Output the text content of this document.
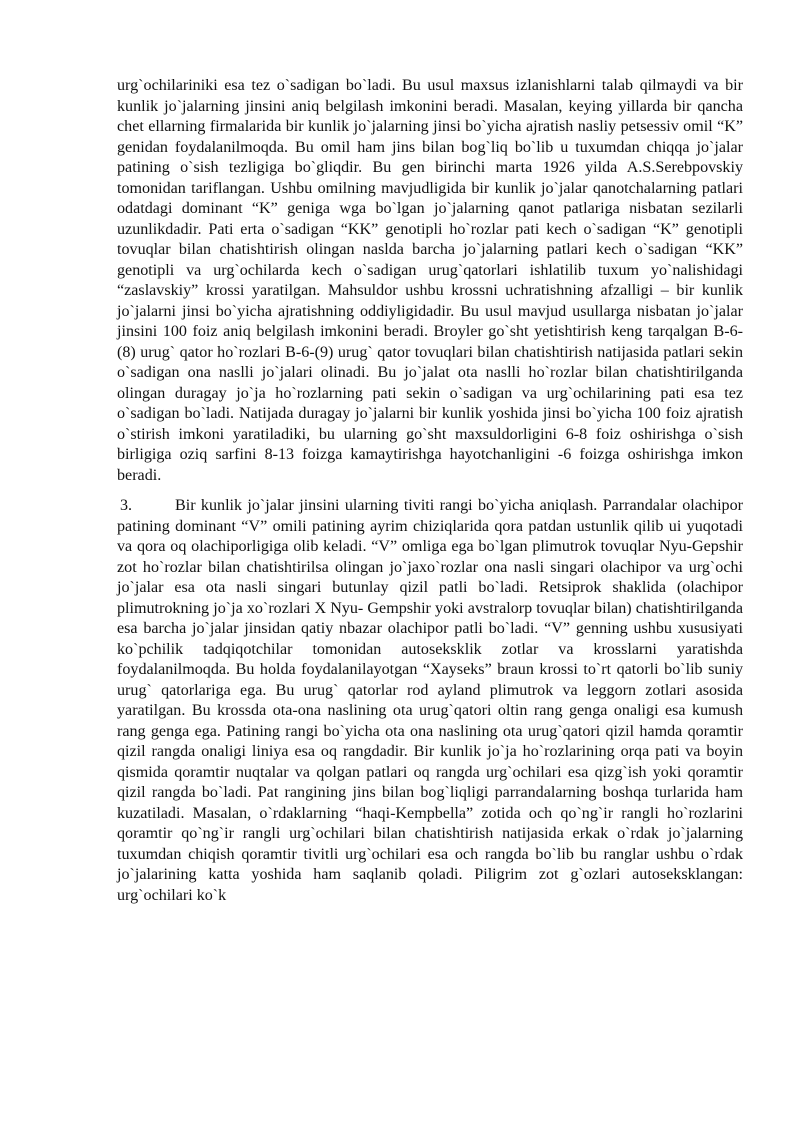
urg`ochilariniki esa tez o`sadigan bo`ladi. Bu usul maxsus izlanishlarni talab qilmaydi va bir kunlik jo`jalarning jinsini aniq belgilash imkonini beradi. Masalan, keying yillarda bir qancha chet ellarning firmalarida bir kunlik jo`jalarning jinsi bo`yicha ajratish nasliy petsessiv omil “K” genidan foydalanilmoqda. Bu omil ham jins bilan bog`liq bo`lib u tuxumdan chiqqa jo`jalar patining o`sish tezligiga bo`gliqdir. Bu gen birinchi marta 1926 yilda A.S.Serebpovskiy tomonidan tariflangan. Ushbu omilning mavjudligida bir kunlik jo`jalar qanotchalarning patlari odatdagi dominant “K” geniga wga bo`lgan jo`jalarning qanot patlariga nisbatan sezilarli uzunlikdadir. Pati erta o`sadigan “KK” genotipli ho`rozlar pati kech o`sadigan “K” genotipli tovuqlar bilan chatishtirish olingan naslda barcha jo`jalarning patlari kech o`sadigan “KK” genotipli va urg`ochilarda kech o`sadigan urug`qatorlari ishlatilib tuxum yo`nalishidagi “zaslavskiy” krossi yaratilgan. Mahsuldor ushbu krossni uchratishning afzalligi – bir kunlik jo`jalarni jinsi bo`yicha ajratishning oddiyligidadir. Bu usul mavjud usullarga nisbatan jo`jalar jinsini 100 foiz aniq belgilash imkonini beradi. Broyler go`sht yetishtirish keng tarqalgan B-6-(8) urug` qator ho`rozlari B-6-(9) urug` qator tovuqlari bilan chatishtirish natijasida patlari sekin o`sadigan ona naslli jo`jalari olinadi. Bu jo`jalat ota naslli ho`rozlar bilan chatishtirilganda olingan duragay jo`ja ho`rozlarning pati sekin o`sadigan va urg`ochilarining pati esa tez o`sadigan bo`ladi. Natijada duragay jo`jalarni bir kunlik yoshida jinsi bo`yicha 100 foiz ajratish o`stirish imkoni yaratiladiki, bu ularning go`sht maxsuldorligini 6-8 foiz oshirishga o`sish birligiga oziq sarfini 8-13 foizga kamaytirishga hayotchanligini -6 foizga oshirishga imkon beradi.

3.	Bir kunlik jo`jalar jinsini ularning tiviti rangi bo`yicha aniqlash. Parrandalar olachipor patining dominant “V” omili patining ayrim chiziqlarida qora patdan ustunlik qilib ui yuqotadi va qora oq olachiporligiga olib keladi. “V” omliga ega bo`lgan plimutrok tovuqlar Nyu-Gepshir zot ho`rozlar bilan chatishtirilsa olingan jo`jaxo`rozlar ona nasli singari olachipor va urg`ochi jo`jalar esa ota nasli singari butunlay qizil patli bo`ladi. Retsiprok shaklida (olachipor plimutrokning jo`ja xo`rozlari X Nyu- Gempshir yoki avstralorp tovuqlar bilan) chatishtirilganda esa barcha jo`jalar jinsidan qatiy nbazar olachipor patli bo`ladi. “V” genning ushbu xususiyati ko`pchilik tadqiqotchilar tomonidan autoseksklik zotlar va krosslarni yaratishda foydalanilmoqda. Bu holda foydalanilayotgan “Xayseks” braun krossi to`rt qatorli bo`lib suniy urug` qatorlariga ega. Bu urug` qatorlar rod ayland plimutrok va leggorn zotlari asosida yaratilgan. Bu krossda ota-ona naslining ota urug`qatori oltin rang genga onaligi esa kumush rang genga ega. Patining rangi bo`yicha ota ona naslining ota urug`qatori qizil hamda qoramtir qizil rangda onaligi liniya esa oq rangdadir. Bir kunlik jo`ja ho`rozlarining orqa pati va boyin qismida qoramtir nuqtalar va qolgan patlari oq rangda urg`ochilari esa qizg`ish yoki qoramtir qizil rangda bo`ladi. Pat rangining jins bilan bog`liqligi parrandalarning boshqa turlarida ham kuzatiladi. Masalan, o`rdaklarning “haqi-Kempbella” zotida och qo`ng`ir rangli ho`rozlarini qoramtir qo`ng`ir rangli urg`ochilari bilan chatishtirish natijasida erkak o`rdak jo`jalarning tuxumdan chiqish qoramtir tivitli urg`ochilari esa och rangda bo`lib bu ranglar ushbu o`rdak jo`jalarining katta yoshida ham saqlanib qoladi. Piligrim zot g`ozlari autoseksklangan: urg`ochilari ko`k
